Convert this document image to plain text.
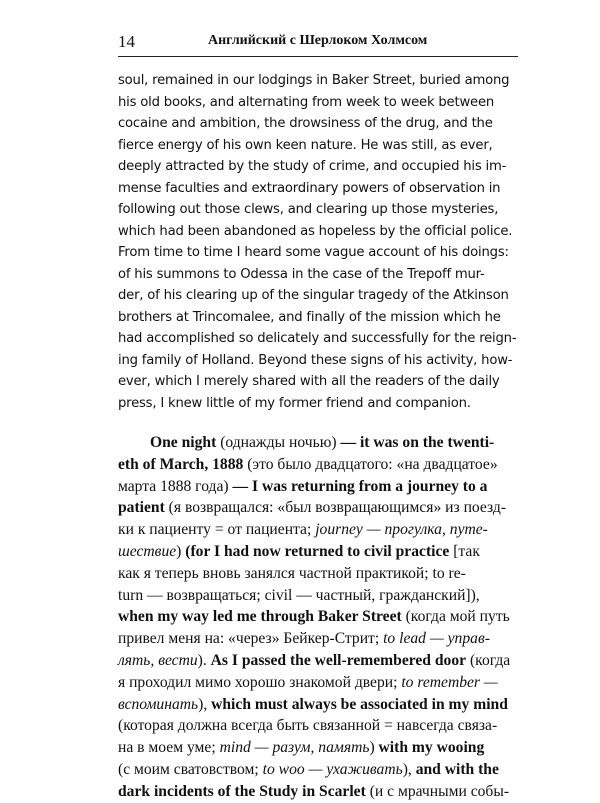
14	Английский с Шерлоком Холмсом
soul, remained in our lodgings in Baker Street, buried among
his old books, and alternating from week to week between
cocaine and ambition, the drowsiness of the drug, and the
fierce energy of his own keen nature. He was still, as ever,
deeply attracted by the study of crime, and occupied his im-
mense faculties and extraordinary powers of observation in
following out those clews, and clearing up those mysteries,
which had been abandoned as hopeless by the official police.
From time to time I heard some vague account of his doings:
of his summons to Odessa in the case of the Trepoff mur-
der, of his clearing up of the singular tragedy of the Atkinson
brothers at Trincomalee, and finally of the mission which he
had accomplished so delicately and successfully for the reign-
ing family of Holland. Beyond these signs of his activity, how-
ever, which I merely shared with all the readers of the daily
press, I knew little of my former friend and companion.
One night (однажды ночью) — it was on the twenti-
eth of March, 1888 (это было двадцатого: «на двадцатое»
марта 1888 года) — I was returning from a journey to a
patient (я возвращался: «был возвращающимся» из поезд-
ки к пациенту = от пациента; journey — прогулка, путе-
шествие) (for I had now returned to civil practice [так
как я теперь вновь занялся частной практикой; to re-
turn — возвращаться; civil — частный, гражданский]),
when my way led me through Baker Street (когда мой путь
привел меня на: «через» Бейкер-Стрит; to lead — управ-
лять, вести). As I passed the well-remembered door (когда
я проходил мимо хорошо знакомой двери; to remember —
вспоминать), which must always be associated in my mind
(которая должна всегда быть связанной = навсегда связа-
на в моем уме; mind — разум, память) with my wooing
(с моим сватовством; to woo — ухаживать), and with the
dark incidents of the Study in Scarlet (и с мрачными собы-
